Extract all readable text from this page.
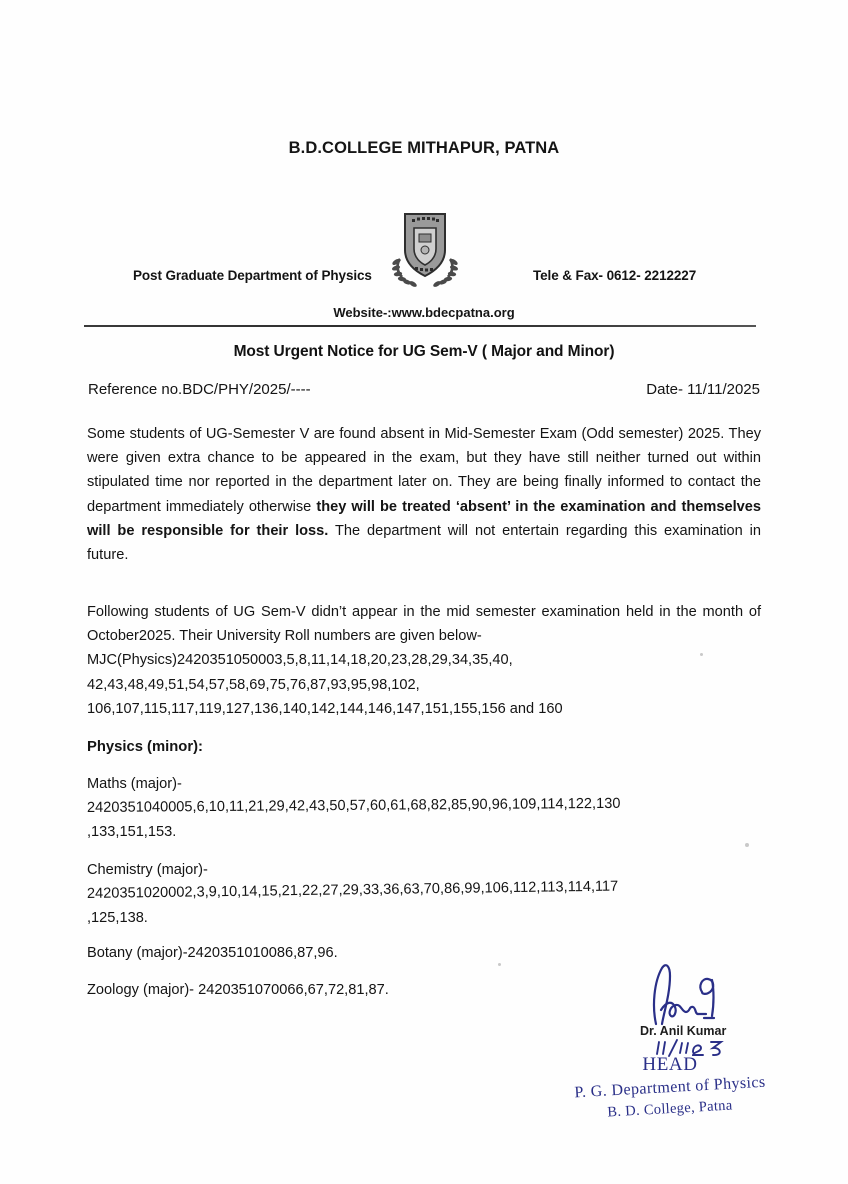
B.D.COLLEGE MITHAPUR, PATNA
Post Graduate Department of Physics	Tele & Fax- 0612- 2212227
Website-:www.bdecpatna.org
Most Urgent Notice for UG Sem-V ( Major and Minor)
Reference no.BDC/PHY/2025/----	Date- 11/11/2025
Some students of UG-Semester V are found absent in Mid-Semester Exam (Odd semester) 2025. They were given extra chance to be appeared in the exam, but they have still neither turned out within stipulated time nor reported in the department later on. They are being finally informed to contact the department immediately otherwise they will be treated ‘absent’ in the examination and themselves will be responsible for their loss. The department will not entertain regarding this examination in future.
Following students of UG Sem-V didn’t appear in the mid semester examination held in the month of October2025. Their University Roll numbers are given below-
MJC(Physics)2420351050003,5,8,11,14,18,20,23,28,29,34,35,40,
42,43,48,49,51,54,57,58,69,75,76,87,93,95,98,102,
106,107,115,117,119,127,136,140,142,144,146,147,151,155,156 and 160
Physics (minor):
Maths (major)-
2420351040005,6,10,11,21,29,42,43,50,57,60,61,68,82,85,90,96,109,114,122,130
,133,151,153.
Chemistry (major)-
2420351020002,3,9,10,14,15,21,22,27,29,33,36,63,70,86,99,106,112,113,114,117
,125,138.
Botany (major)-2420351010086,87,96.
Zoology (major)- 2420351070066,67,72,81,87.
Dr. Anil Kumar
HEAD
P. G. Department of Physics
B. D. College, Patna
